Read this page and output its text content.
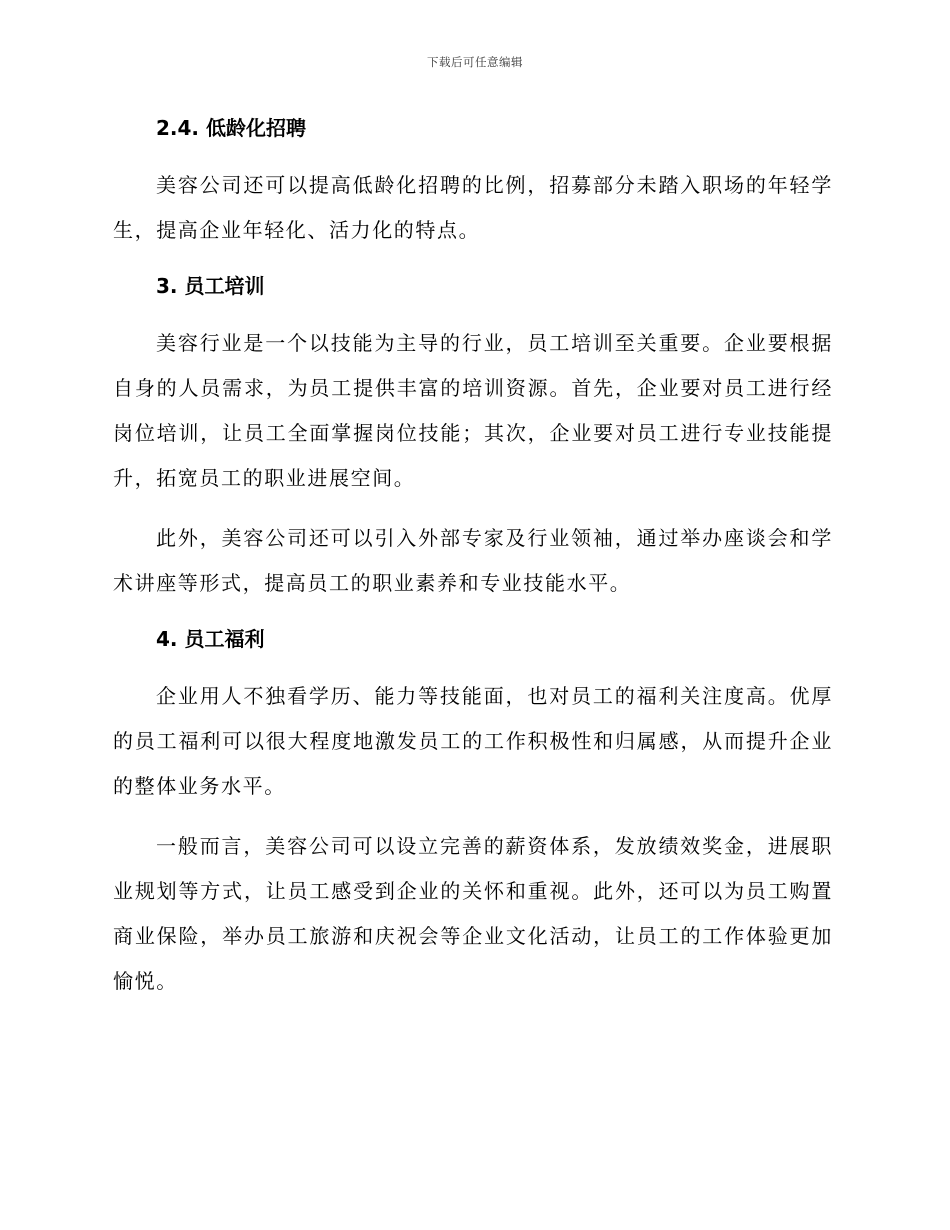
下载后可任意编辑
2.4. 低龄化招聘

美容公司还可以提高低龄化招聘的比例，招募部分未踏入职场的年轻学生，提高企业年轻化、活力化的特点。

3. 员工培训

美容行业是一个以技能为主导的行业，员工培训至关重要。企业要根据自身的人员需求，为员工提供丰富的培训资源。首先，企业要对员工进行经岗位培训，让员工全面掌握岗位技能；其次，企业要对员工进行专业技能提升，拓宽员工的职业进展空间。

此外，美容公司还可以引入外部专家及行业领袖，通过举办座谈会和学术讲座等形式，提高员工的职业素养和专业技能水平。

4. 员工福利

企业用人不独看学历、能力等技能面，也对员工的福利关注度高。优厚的员工福利可以很大程度地激发员工的工作积极性和归属感，从而提升企业的整体业务水平。

一般而言，美容公司可以设立完善的薪资体系，发放绩效奖金，进展职业规划等方式，让员工感受到企业的关怀和重视。此外，还可以为员工购置商业保险，举办员工旅游和庆祝会等企业文化活动，让员工的工作体验更加愉悦。
